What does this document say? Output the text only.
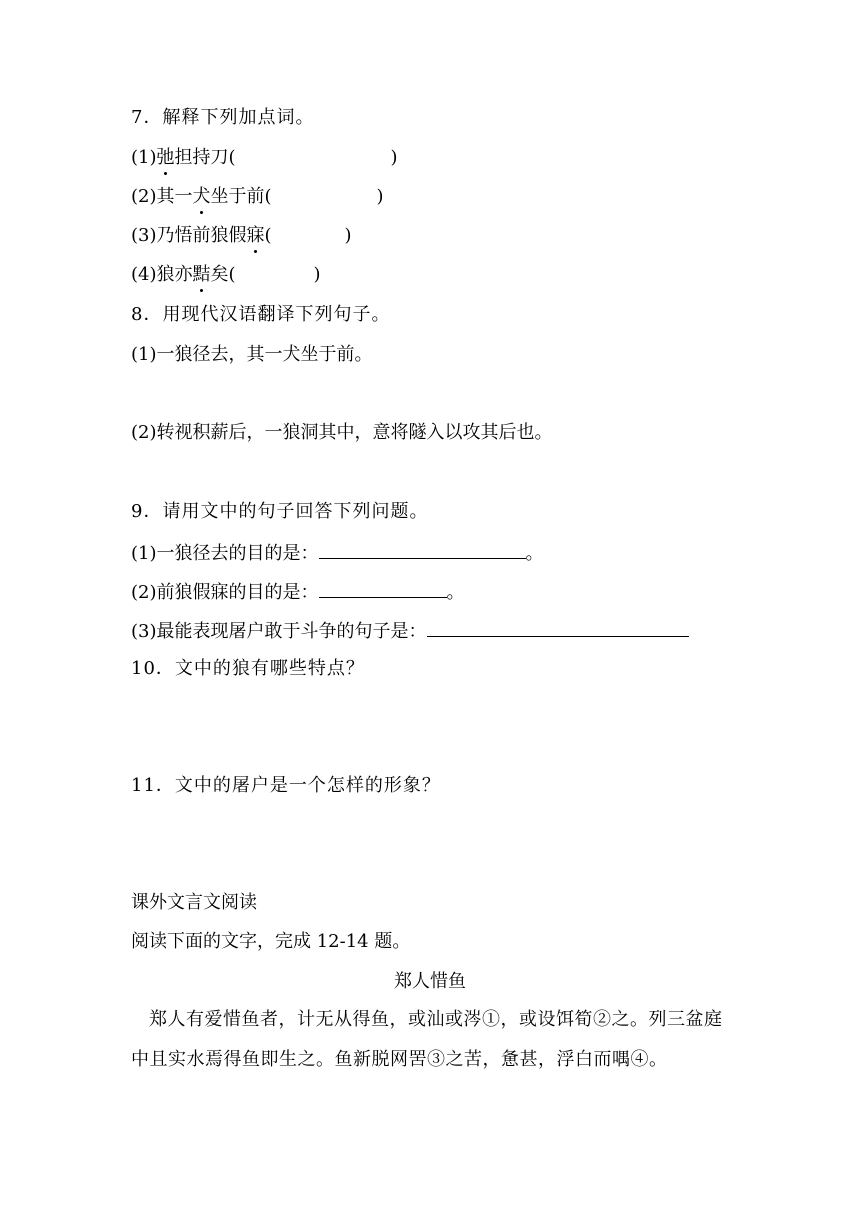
7．解释下列加点词。
(1)弛担持刀(	)
(2)其一犬坐于前(	)
(3)乃悟前狼假寐(	)
(4)狼亦黠矣(	)
8．用现代汉语翻译下列句子。
(1)一狼径去，其一犬坐于前。
(2)转视积薪后，一狼洞其中，意将隧入以攻其后也。
9．请用文中的句子回答下列问题。
(1)一狼径去的目的是：	。
(2)前狼假寐的目的是：	。
(3)最能表现屠户敢于斗争的句子是：
10．文中的狼有哪些特点？
11．文中的屠户是一个怎样的形象？
课外文言文阅读
阅读下面的文字，完成 12-14 题。
郑人惜鱼
郑人有爱惜鱼者，计无从得鱼，或汕或涔①，或设饵筍②之。列三盆庭中且实水焉得鱼即生之。鱼新脱网罟③之苦，惫甚，浮白而喁④。
